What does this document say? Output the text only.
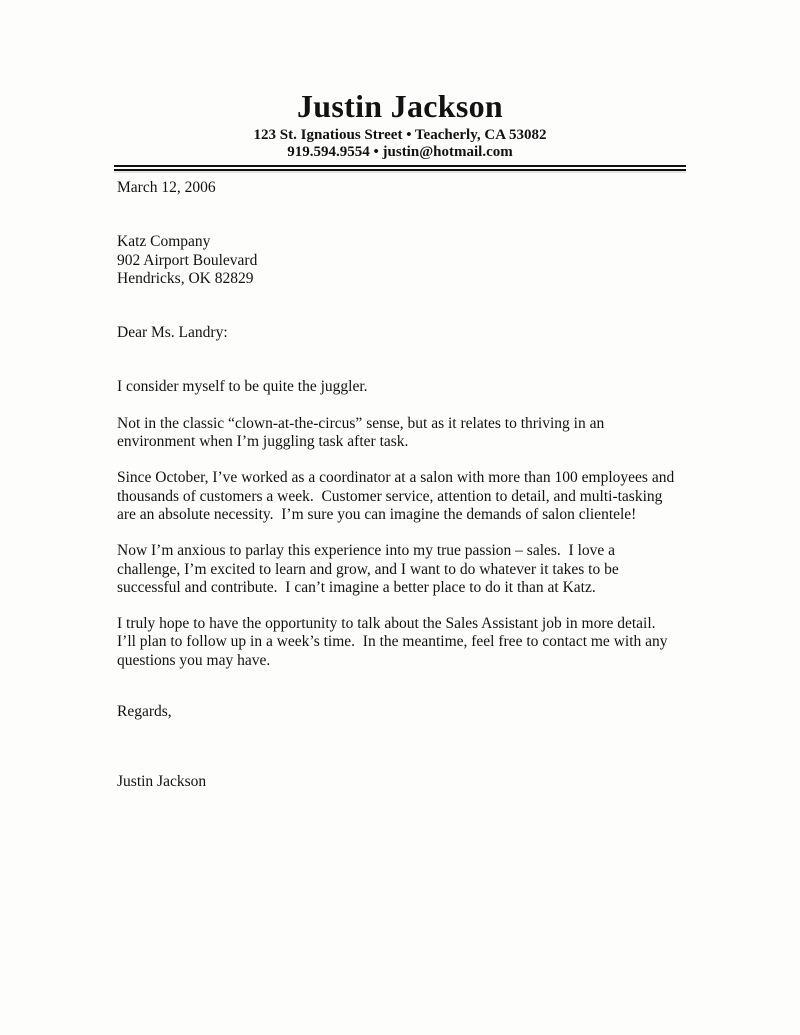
Justin Jackson
123 St. Ignatious Street • Teacherly, CA 53082
919.594.9554 • justin@hotmail.com
March 12, 2006
Katz Company
902 Airport Boulevard
Hendricks, OK 82829
Dear Ms. Landry:
I consider myself to be quite the juggler.
Not in the classic “clown-at-the-circus” sense, but as it relates to thriving in an
environment when I’m juggling task after task.
Since October, I’ve worked as a coordinator at a salon with more than 100 employees and
thousands of customers a week.  Customer service, attention to detail, and multi-tasking
are an absolute necessity.  I’m sure you can imagine the demands of salon clientele!
Now I’m anxious to parlay this experience into my true passion – sales.  I love a
challenge, I’m excited to learn and grow, and I want to do whatever it takes to be
successful and contribute.  I can’t imagine a better place to do it than at Katz.
I truly hope to have the opportunity to talk about the Sales Assistant job in more detail.
I’ll plan to follow up in a week’s time.  In the meantime, feel free to contact me with any
questions you may have.
Regards,
Justin Jackson
